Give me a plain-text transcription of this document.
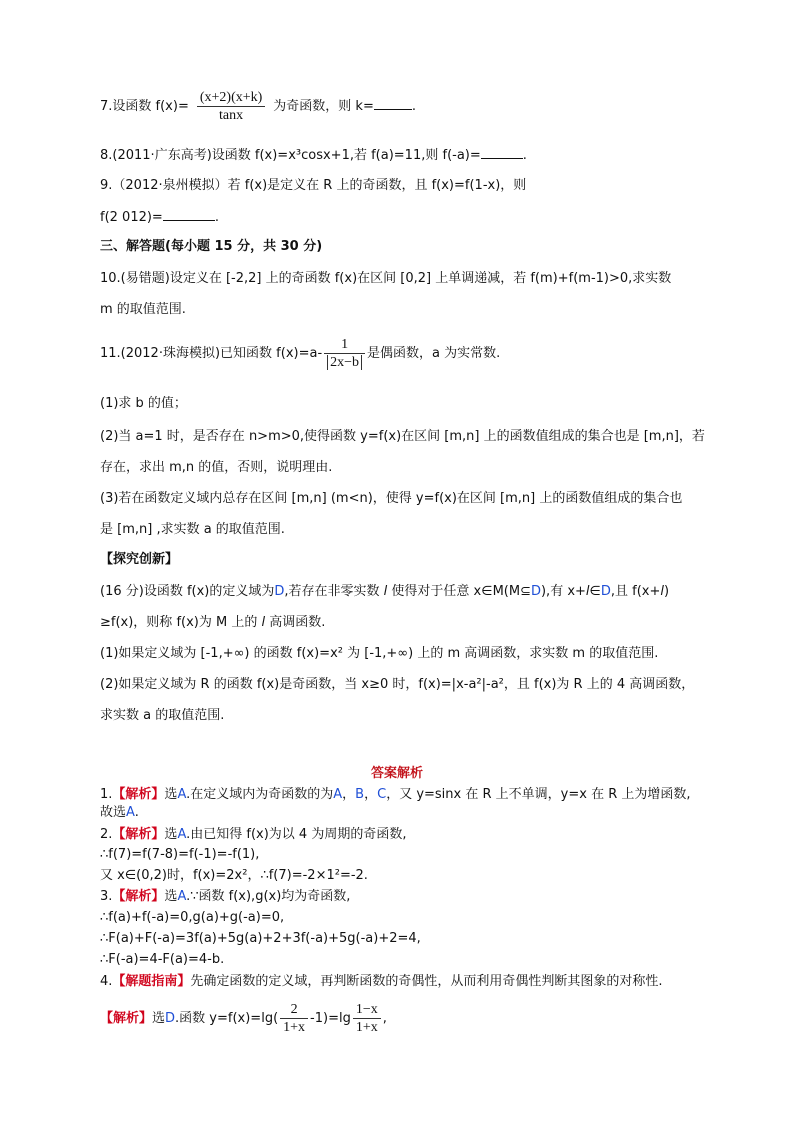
7.设函数 $f(x)= \frac{(x+2)(x+k)}{\tan x}$ 为奇函数，则 k=	.
8.(2011·广东高考)设函数 f(x)=x³cosx+1,若 f(a)=11,则 f(-a)=	.
9.（2012·泉州模拟）若 f(x)是定义在 R 上的奇函数，且 f(x)=f(1-x)，则
f(2 012)=	.
三、解答题(每小题 15 分，共 30 分)
10.(易错题)设定义在 [-2,2] 上的奇函数 f(x)在区间 [0,2] 上单调递减，若 f(m)+f(m-1)>0,求实数
m 的取值范围.
11.(2012·珠海模拟)已知函数 $f(x)=a- \frac{1}{2x-b}$ 是偶函数，a 为实常数.
(1)求 b 的值；
(2)当 a=1 时，是否存在 n>m>0,使得函数 y=f(x)在区间 [m,n] 上的函数值组成的集合也是 [m,n]，若
存在，求出 m,n 的值，否则，说明理由.
(3)若在函数定义域内总存在区间 [m,n] (m<n)，使得 y=f(x)在区间 [m,n] 上的函数值组成的集合也
是 [m,n] ,求实数 a 的取值范围.
【探究创新】
(16 分)设函数 f(x)的定义域为D,若存在非零实数 l 使得对于任意 x∈M(M⊆D),有 x+l∈D,且 f(x+l)
≥f(x)，则称 f(x)为 M 上的 l 高调函数.
(1)如果定义域为 [-1,+∞) 的函数 f(x)=x² 为 [-1,+∞) 上的 m 高调函数，求实数 m 的取值范围.
(2)如果定义域为 R 的函数 f(x)是奇函数，当 x≥0 时，f(x)=|x-a²|-a²，且 f(x)为 R 上的 4 高调函数，
求实数 a 的取值范围.
答案解析
1.【解析】选A.在定义域内为奇函数的为A，B，C，又 y=sinx 在 R 上不单调，y=x 在 R 上为增函数,
故选A.
2.【解析】选A.由已知得 f(x)为以 4 为周期的奇函数,
∴f(7)=f(7-8)=f(-1)=-f(1),
又 x∈(0,2)时，f(x)=2x²，∴f(7)=-2×1²=-2.
3.【解析】选A.∵函数 f(x),g(x)均为奇函数,
∴f(a)+f(-a)=0,g(a)+g(-a)=0,
∴F(a)+F(-a)=3f(a)+5g(a)+2+3f(-a)+5g(-a)+2=4,
∴F(-a)=4-F(a)=4-b.
4.【解题指南】先确定函数的定义域，再判断函数的奇偶性，从而利用奇偶性判断其图象的对称性.
【解析】选D.函数 $y=f(x)=\lg( \frac{2}{1+x} -1)=\lg \frac{1-x}{1+x}$ ,
